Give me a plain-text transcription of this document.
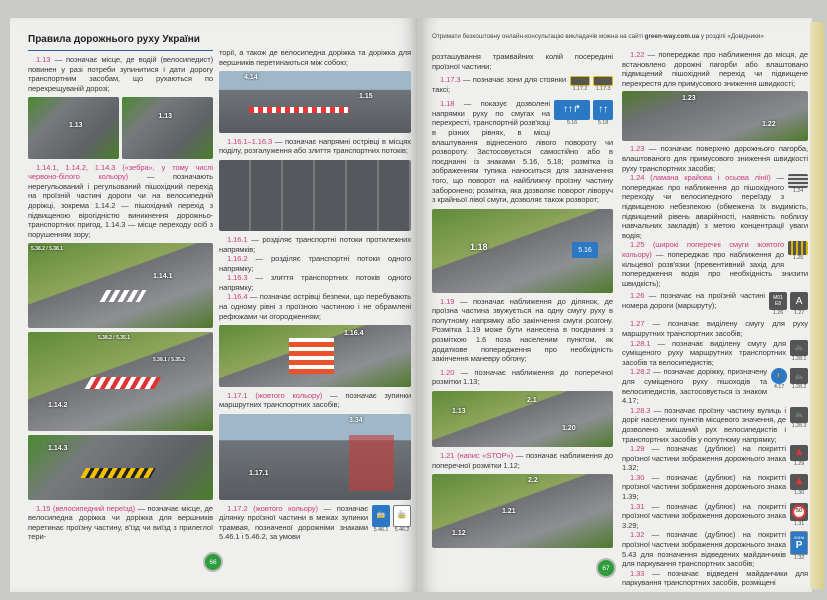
Правила дорожнього руху України
1.13 — позначає місце, де водій (велосипедист) повинен у разі потреби зупинитися і дати дорогу транспортним засобам, що рухаються по перехрещуваній дорозі;
1.13
1.13
1.14.1, 1.14.2, 1.14.3 («зебра», у тому числі червоно-білого кольору) — позначають нерегульований і регульований пішохідний перехід на проїзній частині дороги чи на велосипедній доріжці, зокрема 1.14.2 — пішохідний перехід з підвищеною вірогідністю виникнення дорожньо-транспортних пригод, 1.14.3 — місце переходу осіб з порушенням зору;
5.38.2 / 5.38.1
1.14.1
5.38.2 / 5.35.1
5.38.1 / 5.35.2
1.14.2
1.14.3
1.15 (велосипедний переїзд) — позначає місце, де велосипедна доріжка чи доріжка для вершників перетинає проїзну частину, в'їзд чи виїзд з прилеглої тери-
торії, а також де велосипедна доріжка та доріжка для вершників перетинаються між собою;
4.14
1.15
1.16.1–1.16.3 — позначає напрямні острівці в місцях поділу, розгалуження або злиття транспортних потоків;
1.16.1 — розділяє транспортні потоки протилежних напрямків;
1.16.2 — розділяє транспортні потоки одного напрямку;
1.16.3 — злиття транспортних потоків одного напрямку;
1.16.4 — позначає острівці безпеки, що перебувають на одному рівні з проїзною частиною і не обрамлені рефюжами чи огородженням;
1.16.4
1.17.1 (жовтого кольору) — позначає зупинки маршрутних транспортних засобів;
3.34
1.17.1
🚋
5.46.1
🚋
5.46.2
1.17.2 (жовтого кольору) — позначає ділянку проїзної частини в межах зупинки трамвая, позначеної дорожніми знаками 5.46.1 і 5.46.2, за умови
66
Отримати безкоштовну онлайн-консультацію викладачів можна на сайті green-way.com.ua у розділі «Довідники»
розташування трамвайних колій посередині проїзної частини;
1.17.2 1.17.3
1.17.3 — позначає зони для стоянки таксі;
↑↑↱
5.16
↑↑
5.18
1.18 — показує дозволені напрямки руху по смугах на перехресті, транспортній розв'язці в різних рівнях, в місці влаштування віднесеного лівого повороту чи розвороту. Застосовується самостійно або в поєднанні із знаками 5.16, 5.18; розмітка із зображенням тупика наноситься для зазначення того, що поворот на найближчу проїзну частину заборонено; розмітка, яка дозволяє поворот ліворуч з крайньої лівої смуги, дозволяє також розворот;
1.18	5.16
1.19 — позначає наближення до ділянок, де проїзна частина звужується на одну смугу руху в попутному напрямку або закінчення смуги розгону. Розмітка 1.19 може бути нанесена в поєднанні з розміткою 1.6 поза населеним пунктом, як додаткове попередження про необхідність закінчення маневру обгону;
1.20 — позначає наближення до поперечної розмітки 1.13;
1.13
2.1
1.20
1.21 (напис «STOP») — позначає наближення до поперечної розмітки 1.12;
2.2
1.21
1.12
67
1.22 — попереджає про наближення до місця, де встановлено дорожні пагорби або влаштовано підвищений пішохідний перехід чи підвищене перехрестя для примусового зниження швидкості;
1.23
1.22
1.23 — позначає поверхню дорожнього пагорба, влаштованого для примусового зниження швидкості руху транспортних засобів;
1.24
1.24 (ламана крайова і осьова лінії) — попереджає про наближення до пішохідного переходу чи велосипедного переїзду з підвищеною небезпекою (обмежена їх видимість, підвищений рівень аварійності, наявність поблизу навчальних закладів) з метою концентрації уваги водія;
1.25
1.25 (широкі поперечні смуги жовтого кольору) — попереджає про наближення до кільцевої розв'язки (превентивний захід для попередження водія про необхідність знизити швидкість);
M01
E8
1.26
A
1.27
1.26 — позначає на проїзній частині номера дороги (маршруту);
1.27 — позначає виділену смугу для руху маршрутних транспортних засобів;
🚲
1.28.1
1.28.1 — позначає виділену смугу для суміщеного руху маршрутних транспортних засобів та велосипедистів;
🚶
4.17
🚲
1.28.2
1.28.2 — позначає доріжку, призначену для суміщеного руху пішоходів та велосипедистів, застосовується із знаком 4.17;
🚲
1.28.3
1.28.3 — позначає проїзну частину вулиць і доріг населених пунктів місцевого значення, де дозволено змішаний рух велосипедистів і транспортних засобів у попутному напрямку;
▲
1.29
1.29 — позначає (дублює) на покритті проїзної частини зображення дорожнього знака 1.32;
▲
1.30
1.30 — позначає (дублює) на покритті проїзної частини зображення дорожнього знака 1.39;
50
1.31
1.31 — позначає (дублює) на покритті проїзної частини зображення дорожнього знака 3.29;
ЗОНА
P
1.32
1.32 — позначає (дублює) на покритті проїзної частини зображення дорожнього знака 5.43 для позначення відведених майданчиків для паркування транспортних засобів;
1.33 — позначає відведені майданчики для паркування транспортних засобів, розміщені
